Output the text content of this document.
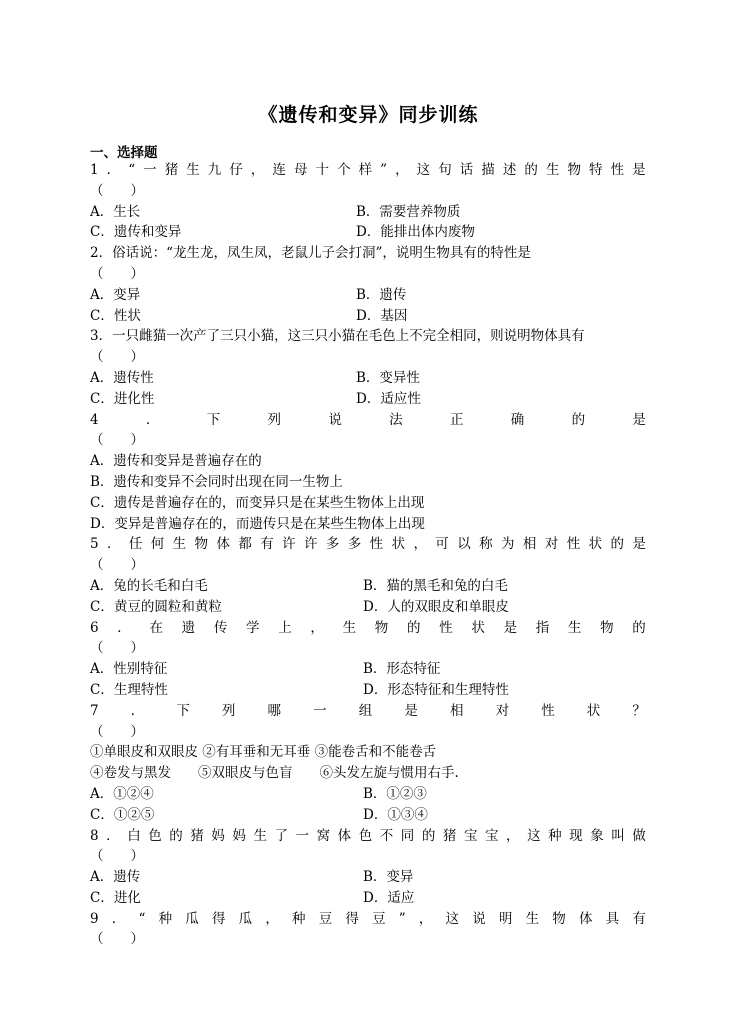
《遗传和变异》同步训练
一、选择题
1 ． “ 一 猪 生 九 仔 ， 连 母 十 个 样 ” ， 这 句 话 描 述 的 生 物 特 性 是
（　　）
A．生长	B．需要营养物质
C．遗传和变异	D．能排出体内废物
2．俗话说：“龙生龙，凤生凤，老鼠儿子会打洞”，说明生物具有的特性是
（　　）
A．变异	B．遗传
C．性状	D．基因
3．一只雌猫一次产了三只小猫，这三只小猫在毛色上不完全相同，则说明物体具有
（　　）
A．遗传性	B．变异性
C．进化性	D．适应性
4	．	下	列	说	法	正	确	的	是
（　　）
A．遗传和变异是普遍存在的
B．遗传和变异不会同时出现在同一生物上
C．遗传是普遍存在的，而变异只是在某些生物体上出现
D．变异是普遍存在的，而遗传只是在某些生物体上出现
5 ． 任 何 生 物 体 都 有 许 许 多 多 性 状 ， 可 以 称 为 相 对 性 状 的 是
（　　）
A．兔的长毛和白毛	B．猫的黑毛和兔的白毛
C．黄豆的圆粒和黄粒	D．人的双眼皮和单眼皮
6 ． 在 遗 传 学 上 ， 生 物 的 性 状 是 指 生 物 的
（　　）
A．性别特征	B．形态特征
C．生理特性	D．形态特征和生理特性
7 ． 下 列 哪 一 组 是 相 对 性 状 ？
（　　）
①单眼皮和双眼皮 ②有耳垂和无耳垂 ③能卷舌和不能卷舌
④卷发与黑发　　⑤双眼皮与色盲　　⑥头发左旋与惯用右手.
A．①②④	B．①②③
C．①②⑤	D．①③④
8 ． 白 色 的 猪 妈 妈 生 了 一 窝 体 色 不 同 的 猪 宝 宝 ， 这 种 现 象 叫 做
（　　）
A．遗传	B．变异
C．进化	D．适应
9 ． “ 种 瓜 得 瓜 ， 种 豆 得 豆 ” ， 这 说 明 生 物 体 具 有
（　　）
